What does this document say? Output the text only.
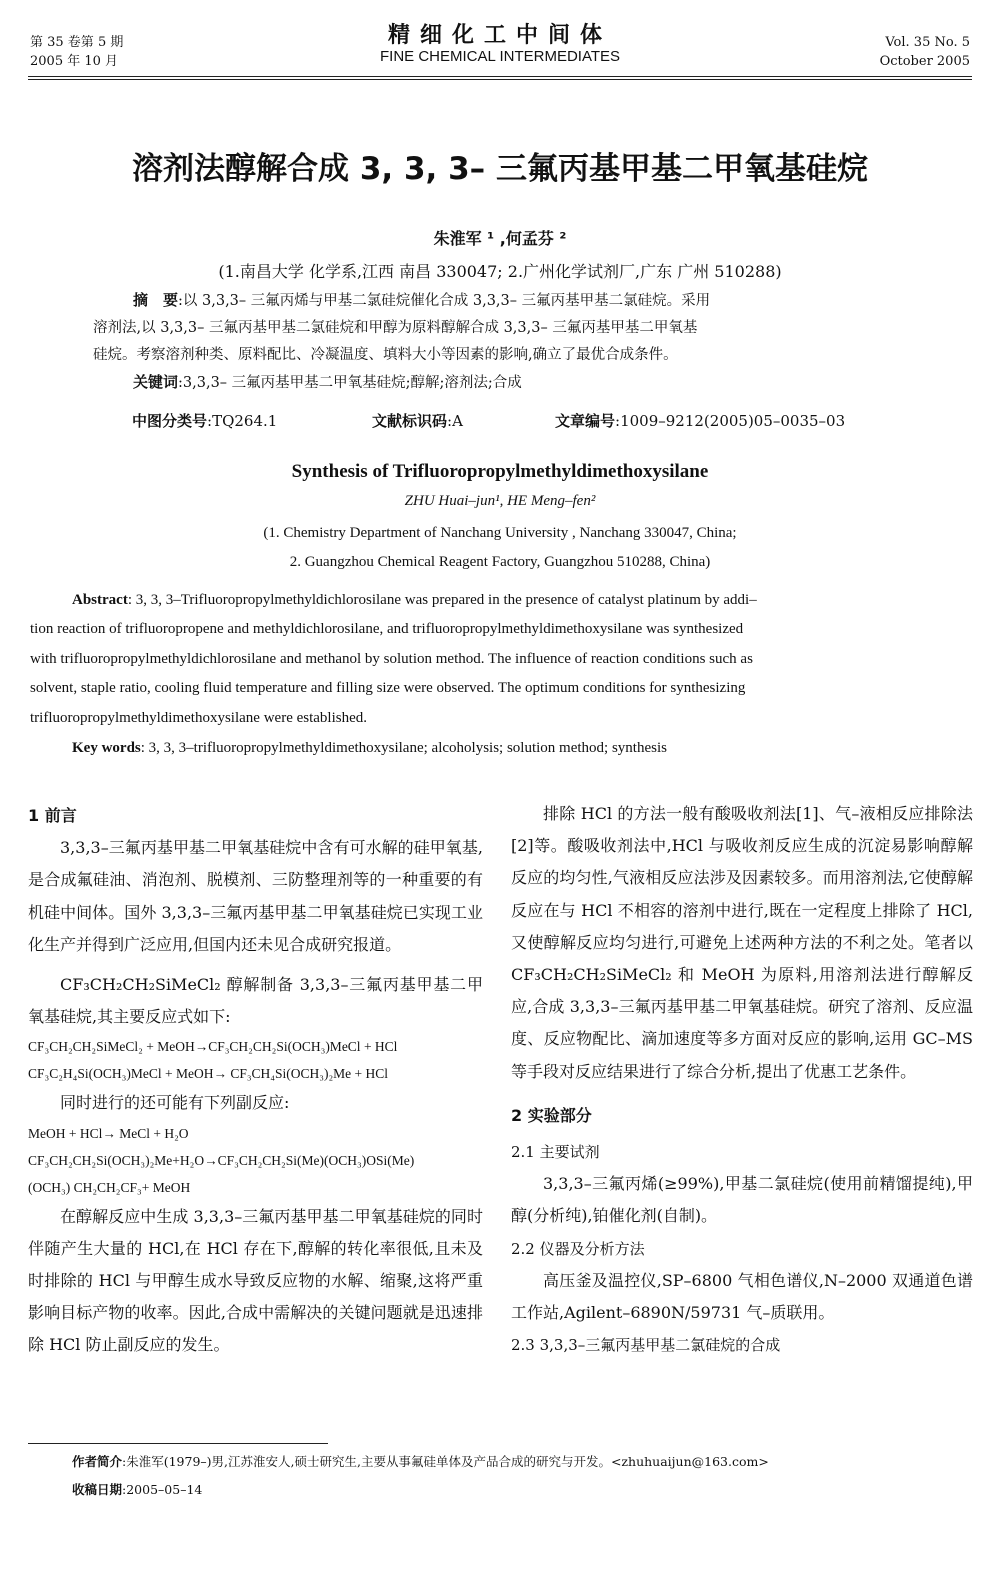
第 35 卷第 5 期
2005 年 10 月
精细化工中间体
FINE CHEMICAL INTERMEDIATES
Vol. 35 No. 5
October 2005
溶剂法醇解合成 3, 3, 3– 三氟丙基甲基二甲氧基硅烷
朱淮军 ¹ ,何孟芬 ²
(1.南昌大学 化学系,江西 南昌 330047; 2.广州化学试剂厂,广东 广州 510288)

摘　要:以 3,3,3– 三氟丙烯与甲基二氯硅烷催化合成 3,3,3– 三氟丙基甲基二氯硅烷。采用

溶剂法,以 3,3,3– 三氟丙基甲基二氯硅烷和甲醇为原料醇解合成 3,3,3– 三氟丙基甲基二甲氧基

硅烷。考察溶剂种类、原料配比、冷凝温度、填料大小等因素的影响,确立了最优合成条件。

关键词:3,3,3– 三氟丙基甲基二甲氧基硅烷;醇解;溶剂法;合成

中图分类号:TQ264.1	文献标识码:A	文章编号:1009–9212(2005)05–0035–03
Synthesis of Trifluoropropylmethyldimethoxysilane
ZHU Huai–jun¹, HE Meng–fen²
(1. Chemistry Department of Nanchang University , Nanchang 330047, China;
2. Guangzhou Chemical Reagent Factory, Guangzhou 510288, China)

Abstract: 3, 3, 3–Trifluoropropylmethyldichlorosilane was prepared in the presence of catalyst platinum by addi–

tion reaction of trifluoropropene and methyldichlorosilane, and trifluoropropylmethyldimethoxysilane was synthesized

with trifluoropropylmethyldichlorosilane and methanol by solution method. The influence of reaction conditions such as

solvent, staple ratio, cooling fluid temperature and filling size were observed. The optimum conditions for synthesizing

trifluoropropylmethyldimethoxysilane were established.

Key words: 3, 3, 3–trifluoropropylmethyldimethoxysilane; alcoholysis; solution method; synthesis

1 前言

3,3,3–三氟丙基甲基二甲氧基硅烷中含有可水解的硅甲氧基,是合成氟硅油、消泡剂、脱模剂、三防整理剂等的一种重要的有机硅中间体。国外 3,3,3–三氟丙基甲基二甲氧基硅烷已实现工业化生产并得到广泛应用,但国内还未见合成研究报道。

CF₃CH₂CH₂SiMeCl₂ 醇解制备 3,3,3–三氟丙基甲基二甲氧基硅烷,其主要反应式如下:

CF₃CH₂CH₂SiMeCl₂ + MeOH→CF₃CH₂CH₂Si(OCH₃)MeCl + HCl

CF₃C₂H₄Si(OCH₃)MeCl + MeOH→ CF₃CH₄Si(OCH₃)₂Me + HCl

同时进行的还可能有下列副反应:

MeOH + HCl→ MeCl + H₂O

CF₃CH₂CH₂Si(OCH₃)₂Me+H₂O→CF₃CH₂CH₂Si(Me)(OCH₃)OSi(Me)

(OCH₃) CH₂CH₂CF₃+ MeOH

在醇解反应中生成 3,3,3–三氟丙基甲基二甲氧基硅烷的同时伴随产生大量的 HCl,在 HCl 存在下,醇解的转化率很低,且未及时排除的 HCl 与甲醇生成水导致反应物的水解、缩聚,这将严重影响目标产物的收率。因此,合成中需解决的关键问题就是迅速排除 HCl 防止副反应的发生。

排除 HCl 的方法一般有酸吸收剂法[1]、气–液相反应排除法[2]等。酸吸收剂法中,HCl 与吸收剂反应生成的沉淀易影响醇解反应的均匀性,气液相反应法涉及因素较多。而用溶剂法,它使醇解反应在与 HCl 不相容的溶剂中进行,既在一定程度上排除了 HCl,又使醇解反应均匀进行,可避免上述两种方法的不利之处。笔者以 CF₃CH₂CH₂SiMeCl₂ 和 MeOH 为原料,用溶剂法进行醇解反应,合成 3,3,3–三氟丙基甲基二甲氧基硅烷。研究了溶剂、反应温度、反应物配比、滴加速度等多方面对反应的影响,运用 GC–MS 等手段对反应结果进行了综合分析,提出了优惠工艺条件。

2 实验部分

2.1 主要试剂

3,3,3–三氟丙烯(≥99%),甲基二氯硅烷(使用前精馏提纯),甲醇(分析纯),铂催化剂(自制)。

2.2 仪器及分析方法

高压釜及温控仪,SP–6800 气相色谱仪,N–2000 双通道色谱工作站,Agilent–6890N/59731 气–质联用。

2.3 3,3,3–三氟丙基甲基二氯硅烷的合成

作者简介:朱淮军(1979–)男,江苏淮安人,硕士研究生,主要从事氟硅单体及产品合成的研究与开发。<zhuhuaijun@163.com>
收稿日期:2005–05–14
